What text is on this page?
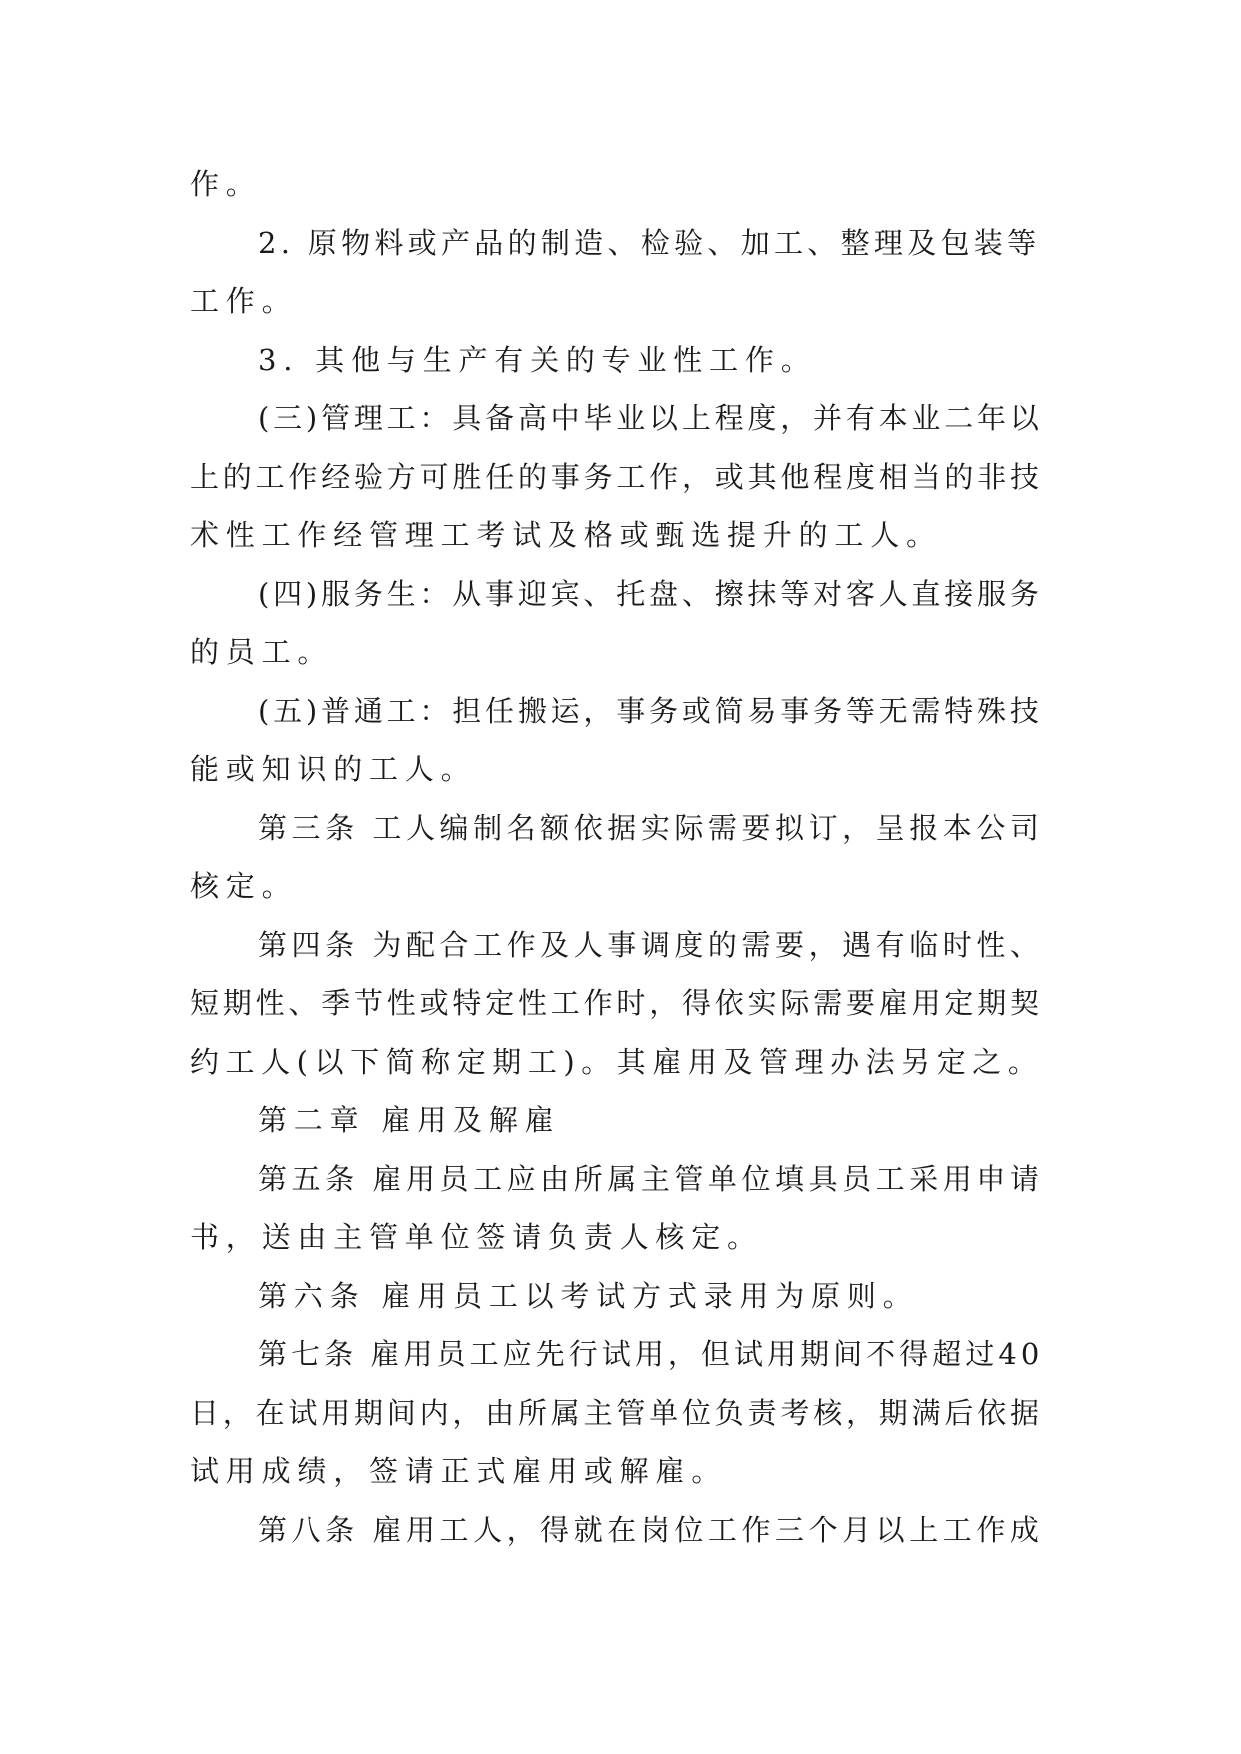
作。
2. 原物料或产品的制造、检验、加工、整理及包装等
工作。
3. 其他与生产有关的专业性工作。
(三)管理工：具备高中毕业以上程度，并有本业二年以
上的工作经验方可胜任的事务工作，或其他程度相当的非技
术性工作经管理工考试及格或甄选提升的工人。
(四)服务生：从事迎宾、托盘、擦抹等对客人直接服务
的员工。
(五)普通工：担任搬运，事务或简易事务等无需特殊技
能或知识的工人。
第三条 工人编制名额依据实际需要拟订，呈报本公司
核定。
第四条 为配合工作及人事调度的需要，遇有临时性、
短期性、季节性或特定性工作时，得依实际需要雇用定期契
约工人(以下简称定期工)。其雇用及管理办法另定之。
第二章 雇用及解雇
第五条 雇用员工应由所属主管单位填具员工采用申请
书，送由主管单位签请负责人核定。
第六条 雇用员工以考试方式录用为原则。
第七条 雇用员工应先行试用，但试用期间不得超过40
日，在试用期间内，由所属主管单位负责考核，期满后依据
试用成绩，签请正式雇用或解雇。
第八条 雇用工人，得就在岗位工作三个月以上工作成
